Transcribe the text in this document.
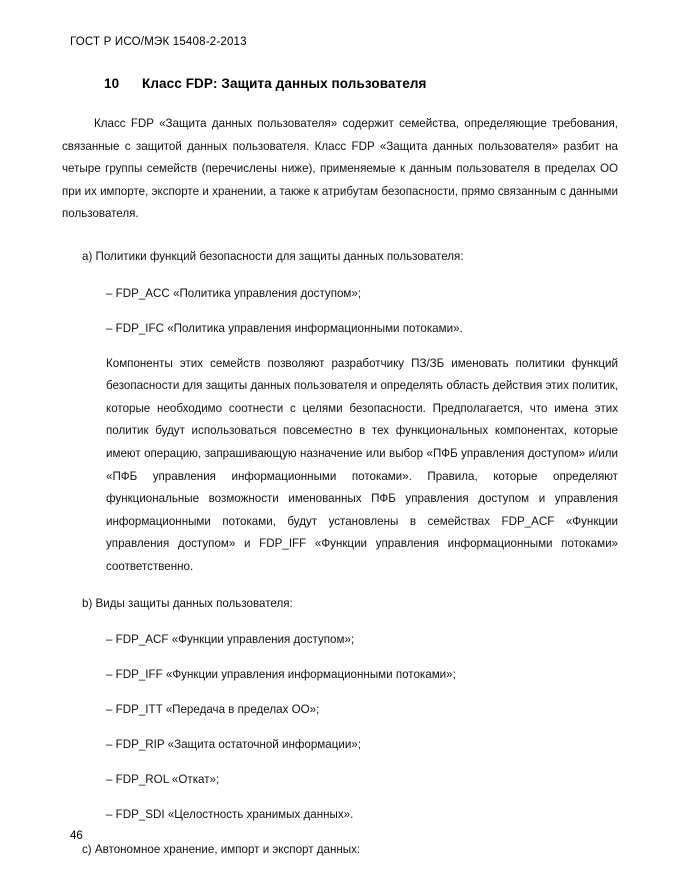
ГОСТ Р ИСО/МЭК 15408-2-2013
10 Класс FDP: Защита данных пользователя

Класс FDP «Защита данных пользователя» содержит семейства, определяющие требования, связанные с защитой данных пользователя. Класс FDP «Защита данных пользователя» разбит на четыре группы семейств (перечислены ниже), применяемые к данным пользователя в пределах ОО при их импорте, экспорте и хранении, а также к атрибутам безопасности, прямо связанным с данными пользователя.

a) Политики функций безопасности для защиты данных пользователя:

– FDP_ACC «Политика управления доступом»;

– FDP_IFC «Политика управления информационными потоками».

Компоненты этих семейств позволяют разработчику ПЗ/ЗБ именовать политики функций безопасности для защиты данных пользователя и определять область действия этих политик, которые необходимо соотнести с целями безопасности. Предполагается, что имена этих политик будут использоваться повсеместно в тех функциональных компонентах, которые имеют операцию, запрашивающую назначение или выбор «ПФБ управления доступом» и/или «ПФБ управления информационными потоками». Правила, которые определяют функциональные возможности именованных ПФБ управления доступом и управления информационными потоками, будут установлены в семействах FDP_ACF «Функции управления доступом» и FDP_IFF «Функции управления информационными потоками» соответственно.

b) Виды защиты данных пользователя:

– FDP_ACF «Функции управления доступом»;

– FDP_IFF «Функции управления информационными потоками»;

– FDP_ITT «Передача в пределах ОО»;

– FDP_RIP «Защита остаточной информации»;

– FDP_ROL «Откат»;

– FDP_SDI «Целостность хранимых данных».

c) Автономное хранение, импорт и экспорт данных:

46
